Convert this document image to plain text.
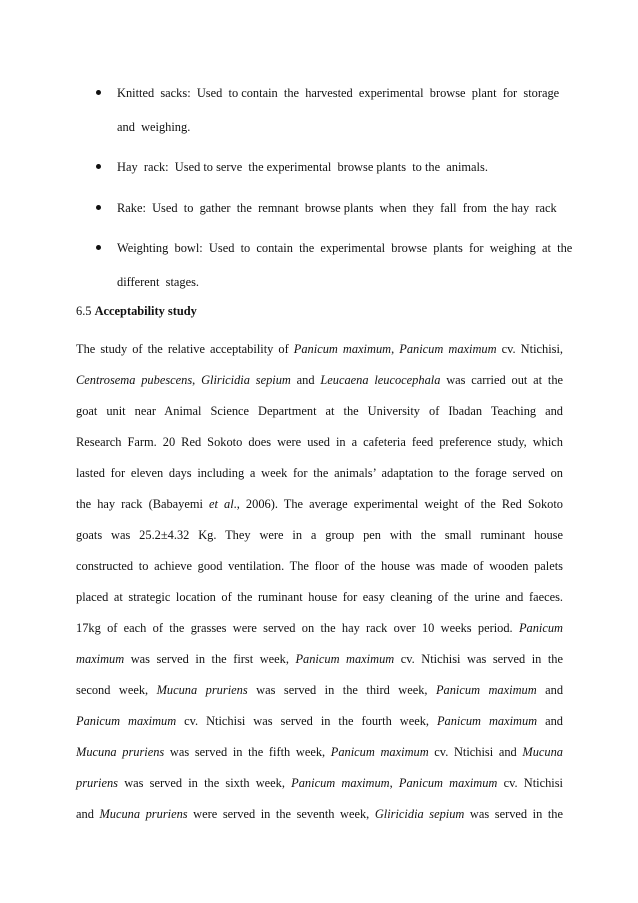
Knitted  sacks:  Used  to contain  the  harvested  experimental  browse  plant  for  storage
and  weighing.
Hay  rack:  Used to serve  the experimental  browse plants  to the  animals.
Rake:  Used  to  gather  the  remnant  browse plants  when  they  fall  from  the hay  rack
Weighting  bowl:  Used  to  contain  the  experimental  browse  plants  for  weighing  at  the
different  stages.

6.5 Acceptability study

The  study  of  the  relative  acceptability  of  Panicum  maximum,  Panicum  maximum  cv.  Ntichisi,
Centrosema  pubescens,  Gliricidia  sepium  and  Leucaena  leucocephala  was  carried  out  at  the
goat  unit  near  Animal  Science  Department  at  the  University  of  Ibadan  Teaching  and
Research  Farm.  20  Red  Sokoto  does  were  used  in  a  cafeteria  feed  preference  study,  which
lasted  for  eleven  days  including  a  week  for  the  animals’  adaptation  to  the  forage  served  on
the  hay  rack  (Babayemi  et  al.,  2006).  The  average  experimental  weight  of  the  Red  Sokoto
goats  was  25.2±4.32  Kg.  They  were  in  a  group  pen  with  the  small  ruminant  house
constructed  to  achieve  good  ventilation.  The  floor  of  the  house  was  made  of  wooden  palets
placed  at  strategic  location  of  the  ruminant  house  for  easy  cleaning  of  the  urine  and  faeces.
17kg  of  each  of  the  grasses  were  served  on  the  hay  rack  over  10  weeks  period.  Panicum
maximum  was  served  in  the  first  week,  Panicum  maximum  cv.  Ntichisi  was  served  in  the
second  week,  Mucuna  pruriens  was  served  in  the  third  week,  Panicum  maximum  and
Panicum  maximum  cv.  Ntichisi  was  served  in  the  fourth  week,  Panicum  maximum  and
Mucuna  pruriens  was  served  in  the  fifth  week,  Panicum  maximum  cv.  Ntichisi  and  Mucuna
pruriens  was  served  in  the  sixth  week,  Panicum  maximum,  Panicum  maximum  cv.  Ntichisi
and  Mucuna  pruriens  were  served  in  the  seventh  week,  Gliricidia  sepium  was  served  in  the
